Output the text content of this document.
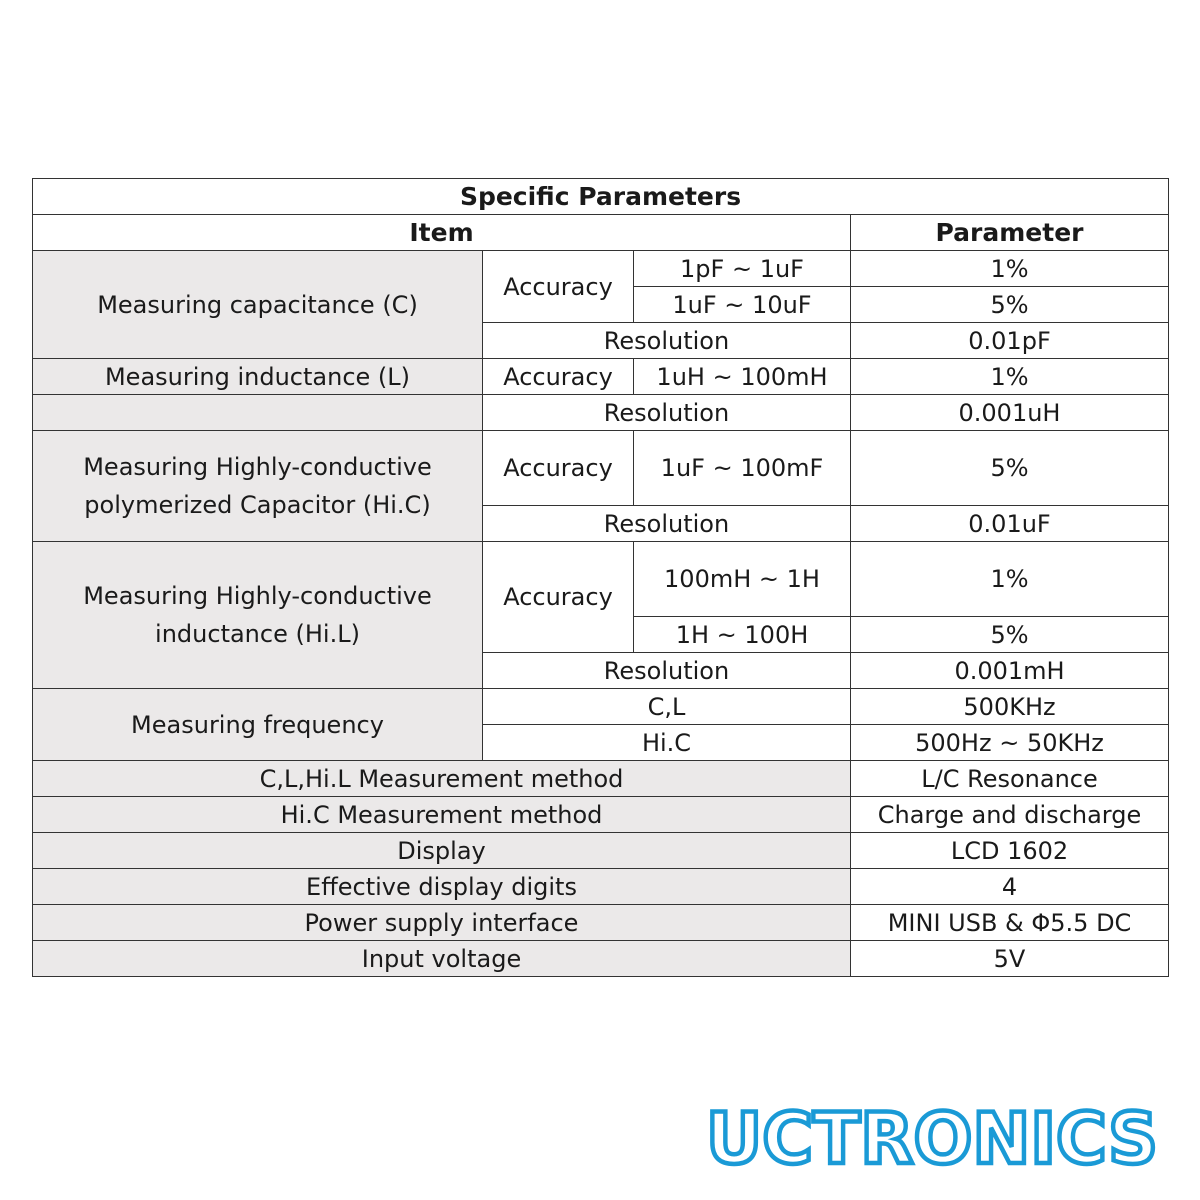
Specific Parameters			
Item			Parameter
Measuring capacitance (C)	Accuracy	1pF ~ 1uF	1%
		1uF ~ 10uF	5%
	Resolution		0.01pF
Measuring inductance (L)	Accuracy	1uH ~ 100mH	1%
	Resolution		0.001uH
Measuring Highly-conductive
polymerized Capacitor (Hi.C)	Accuracy	1uF ~ 100mF	5%
	Resolution		0.01uF
Measuring Highly-conductive
inductance (Hi.L)	Accuracy	100mH ~ 1H	1%
		1H ~ 100H	5%
	Resolution		0.001mH
Measuring frequency	C,L		500KHz
	Hi.C		500Hz ~ 50KHz
C,L,Hi.L Measurement method			L/C Resonance
Hi.C Measurement method			Charge and discharge
Display			LCD 1602
Effective display digits			4
Power supply interface			MINI USB & Φ5.5 DC
Input voltage			5V
UCTRONICS
